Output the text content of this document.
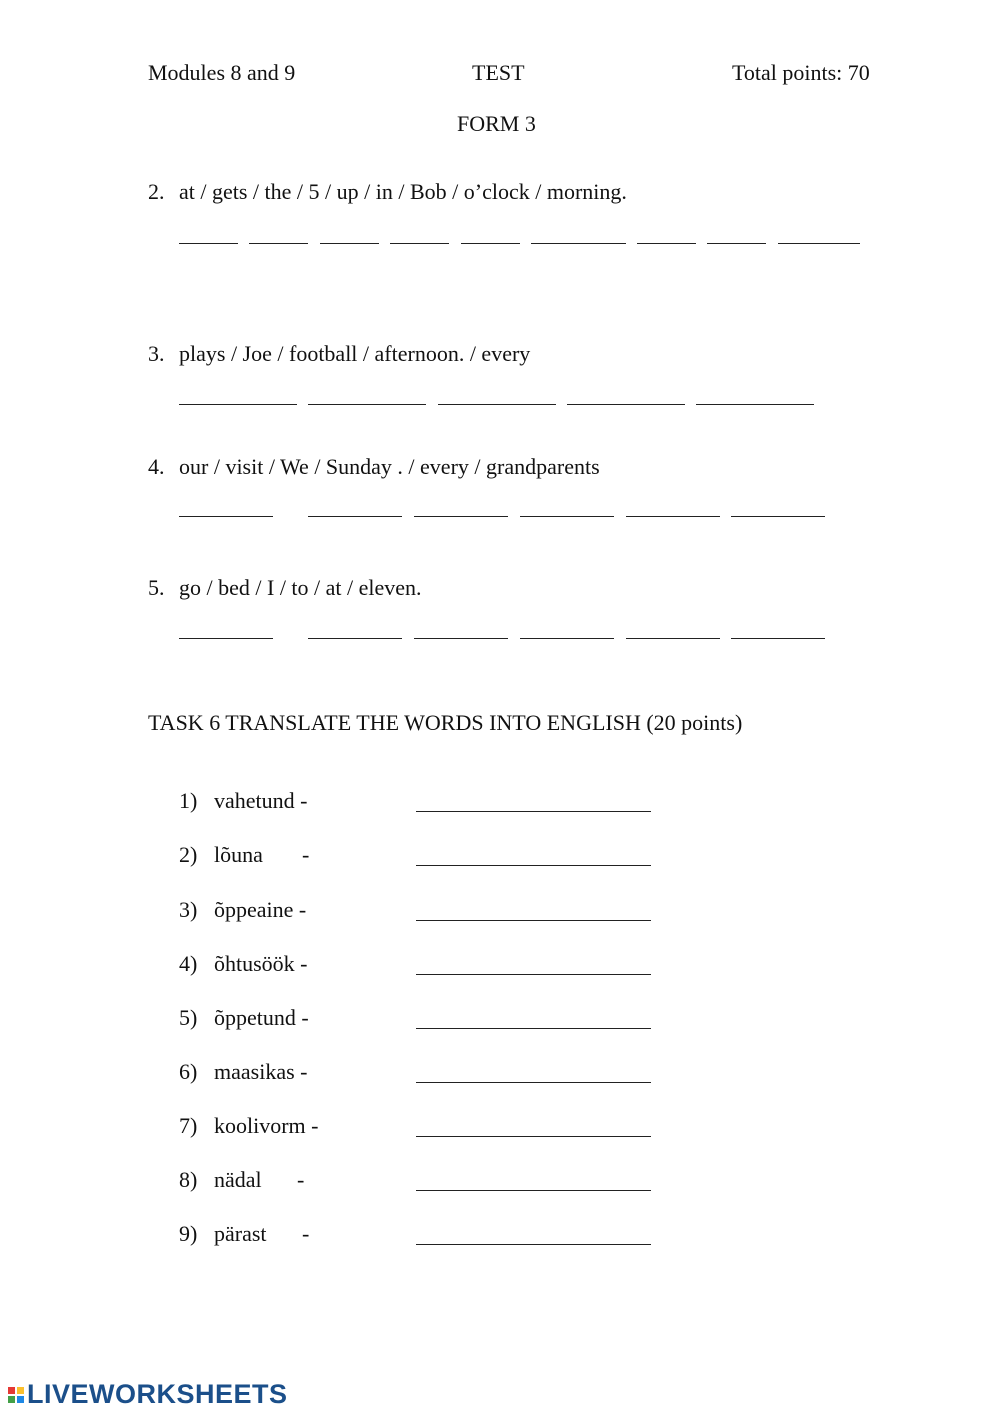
Modules 8 and 9	TEST	Total points: 70
FORM 3
2. at / gets / the / 5 / up / in / Bob / o’clock / morning.
3. plays / Joe / football / afternoon. / every
4. our / visit / We / Sunday . / every / grandparents
5. go / bed / I / to / at / eleven.
TASK 6 TRANSLATE THE WORDS INTO ENGLISH (20 points)
1) vahetund -
2) lõuna -
3) õppeaine -
4) õhtusöök -
5) õppetund -
6) maasikas -
7) koolivorm -
8) nädal -
9) pärast -
LIVEWORKSHEETS
